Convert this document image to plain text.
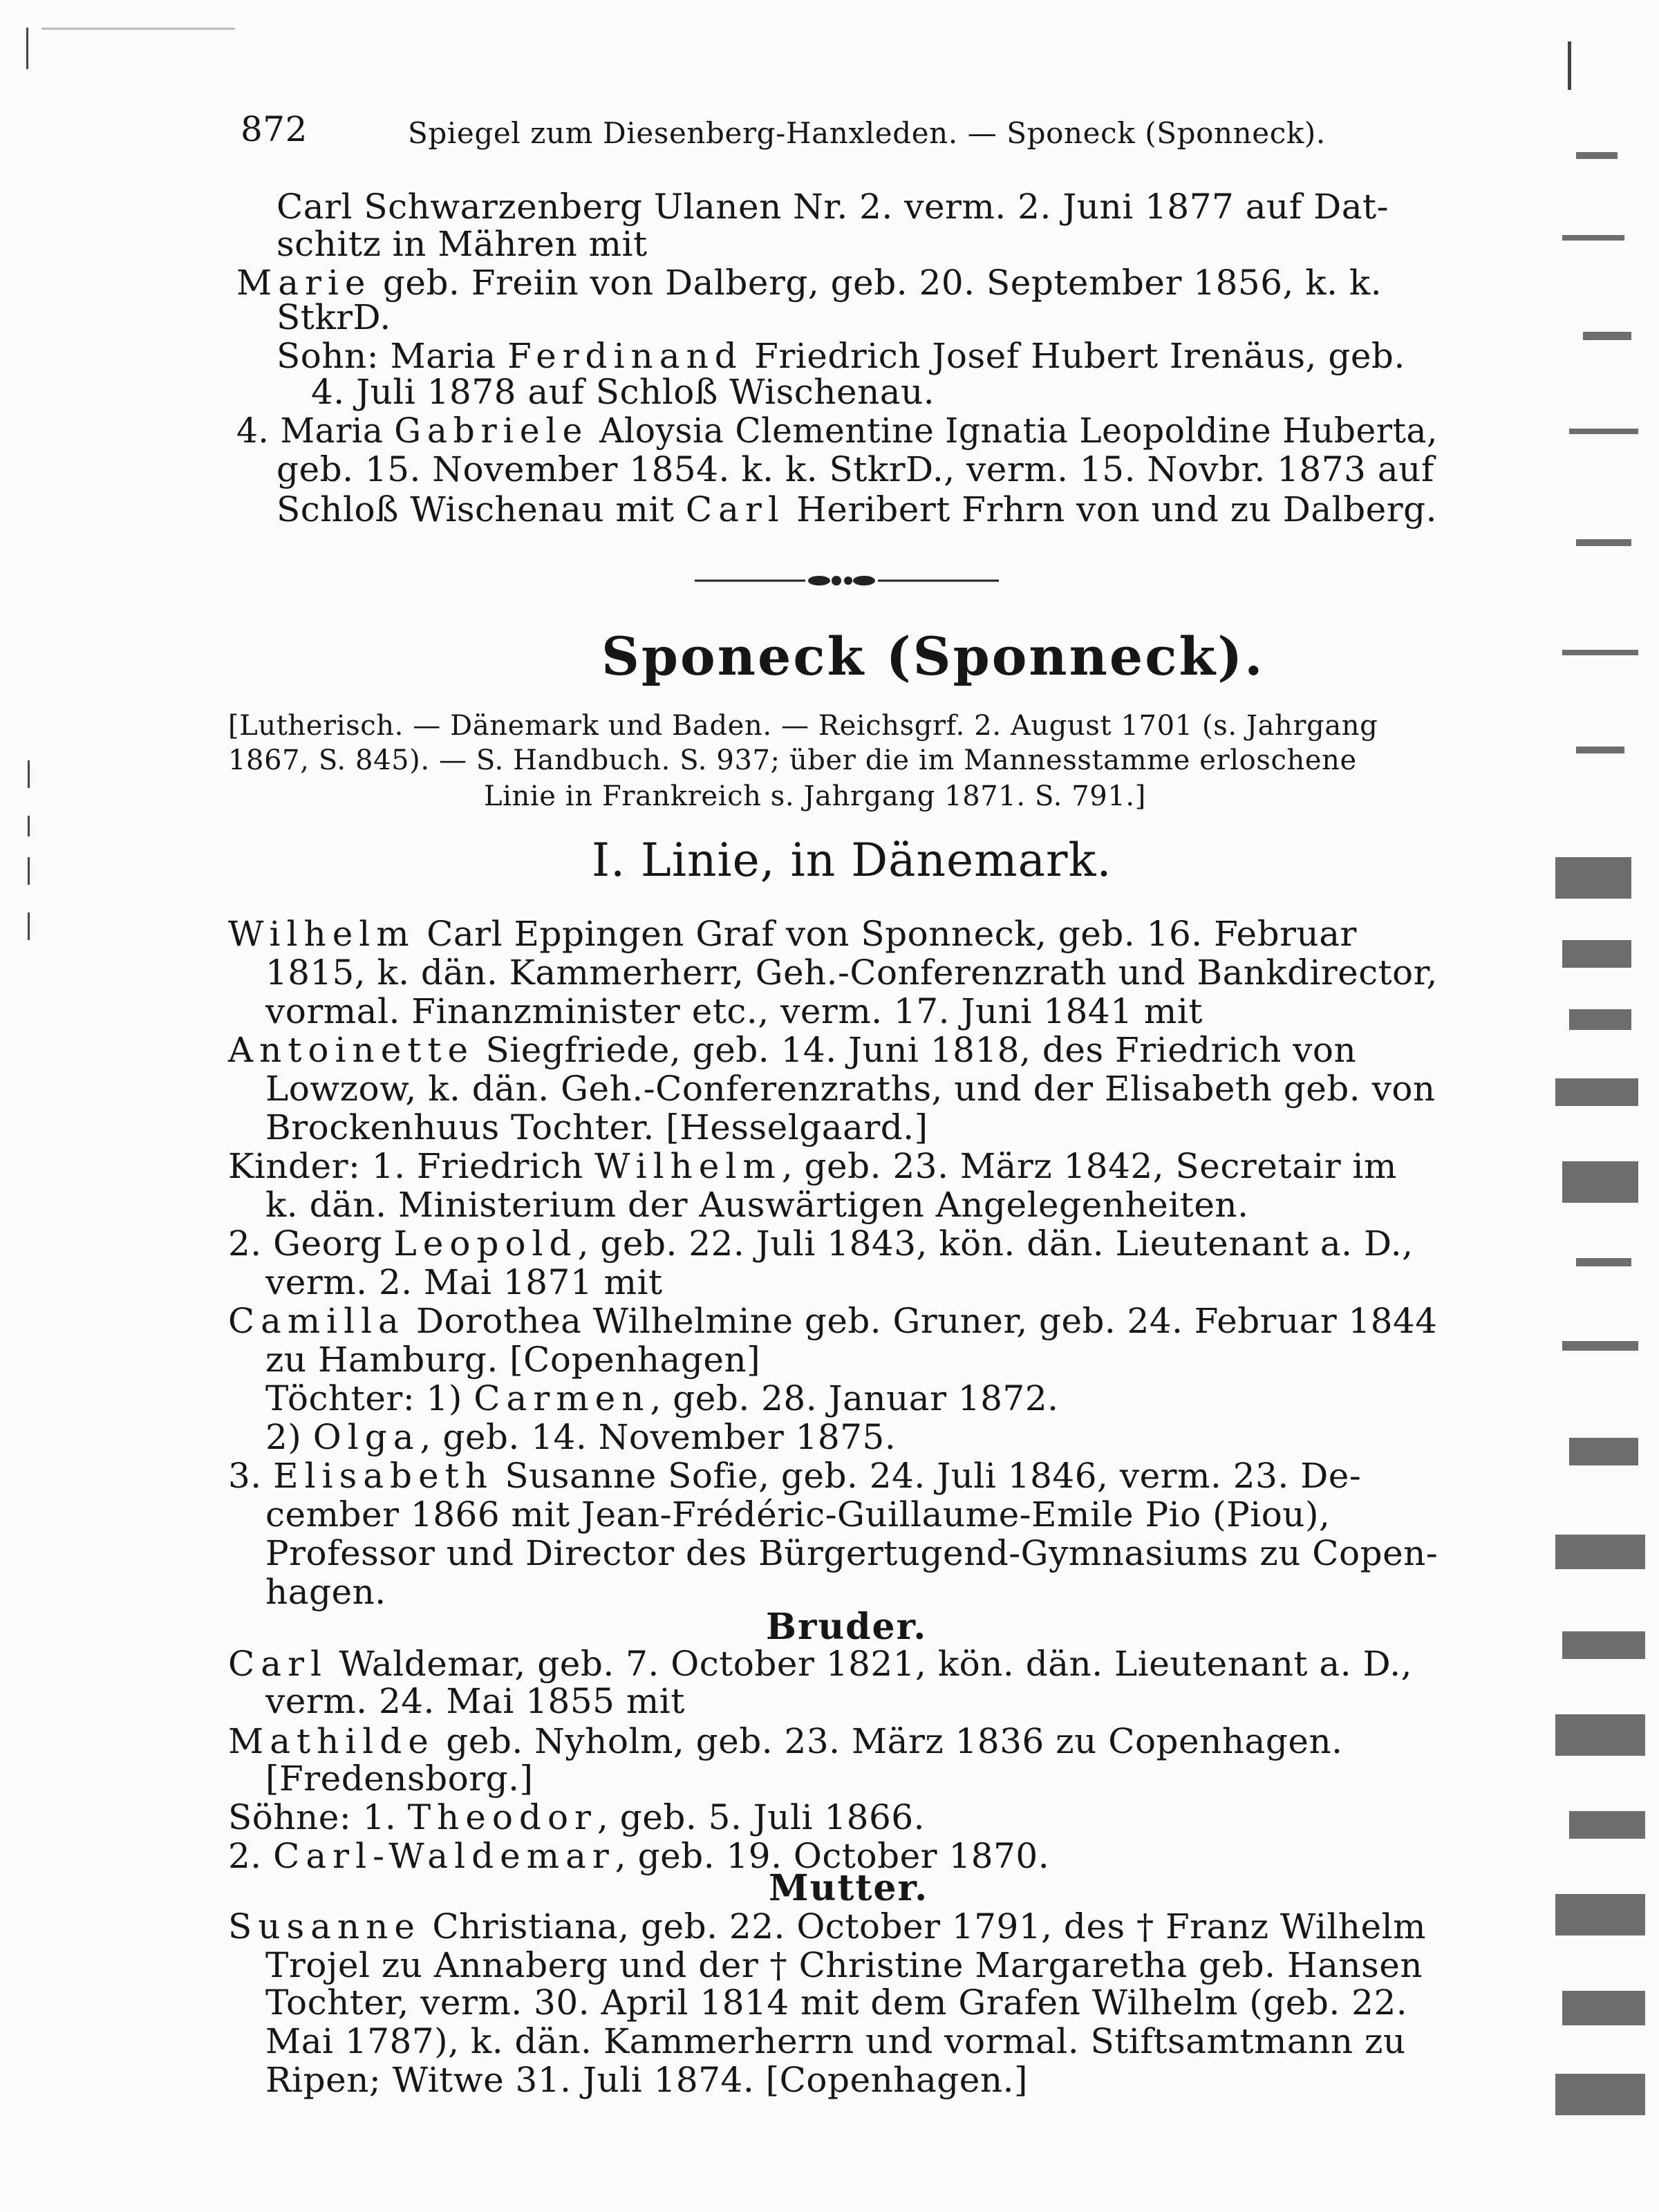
872	Spiegel zum Diesenberg-Hanxleden. — Sponeck (Sponneck).
Carl Schwarzenberg Ulanen Nr. 2. verm. 2. Juni 1877 auf Dat-
schitz in Mähren mit
Marie geb. Freiin von Dalberg, geb. 20. September 1856, k. k.
StkrD.
Sohn: Maria Ferdinand Friedrich Josef Hubert Irenäus, geb.
4. Juli 1878 auf Schloß Wischenau.
4. Maria Gabriele Aloysia Clementine Ignatia Leopoldine Huberta,
geb. 15. November 1854. k. k. StkrD., verm. 15. Novbr. 1873 auf
Schloß Wischenau mit Carl Heribert Frhrn von und zu Dalberg.
Sponeck (Sponneck).
[Lutherisch. — Dänemark und Baden. — Reichsgrf. 2. August 1701 (s. Jahrgang
1867, S. 845). — S. Handbuch. S. 937; über die im Mannesstamme erloschene
Linie in Frankreich s. Jahrgang 1871. S. 791.]
I. Linie, in Dänemark.
Wilhelm Carl Eppingen Graf von Sponneck, geb. 16. Februar
1815, k. dän. Kammerherr, Geh.-Conferenzrath und Bankdirector,
vormal. Finanzminister etc., verm. 17. Juni 1841 mit
Antoinette Siegfriede, geb. 14. Juni 1818, des Friedrich von
Lowzow, k. dän. Geh.-Conferenzraths, und der Elisabeth geb. von
Brockenhuus Tochter. [Hesselgaard.]
Kinder: 1. Friedrich Wilhelm, geb. 23. März 1842, Secretair im
k. dän. Ministerium der Auswärtigen Angelegenheiten.
2. Georg Leopold, geb. 22. Juli 1843, kön. dän. Lieutenant a. D.,
verm. 2. Mai 1871 mit
Camilla Dorothea Wilhelmine geb. Gruner, geb. 24. Februar 1844
zu Hamburg. [Copenhagen]
Töchter: 1) Carmen, geb. 28. Januar 1872.
2) Olga, geb. 14. November 1875.
3. Elisabeth Susanne Sofie, geb. 24. Juli 1846, verm. 23. De-
cember 1866 mit Jean-Frédéric-Guillaume-Emile Pio (Piou),
Professor und Director des Bürgertugend-Gymnasiums zu Copen-
hagen.
Bruder.
Carl Waldemar, geb. 7. October 1821, kön. dän. Lieutenant a. D.,
verm. 24. Mai 1855 mit
Mathilde geb. Nyholm, geb. 23. März 1836 zu Copenhagen.
[Fredensborg.]
Söhne: 1. Theodor, geb. 5. Juli 1866.
2. Carl-Waldemar, geb. 19. October 1870.
Mutter.
Susanne Christiana, geb. 22. October 1791, des † Franz Wilhelm
Trojel zu Annaberg und der † Christine Margaretha geb. Hansen
Tochter, verm. 30. April 1814 mit dem Grafen Wilhelm (geb. 22.
Mai 1787), k. dän. Kammerherrn und vormal. Stiftsamtmann zu
Ripen; Witwe 31. Juli 1874. [Copenhagen.]
